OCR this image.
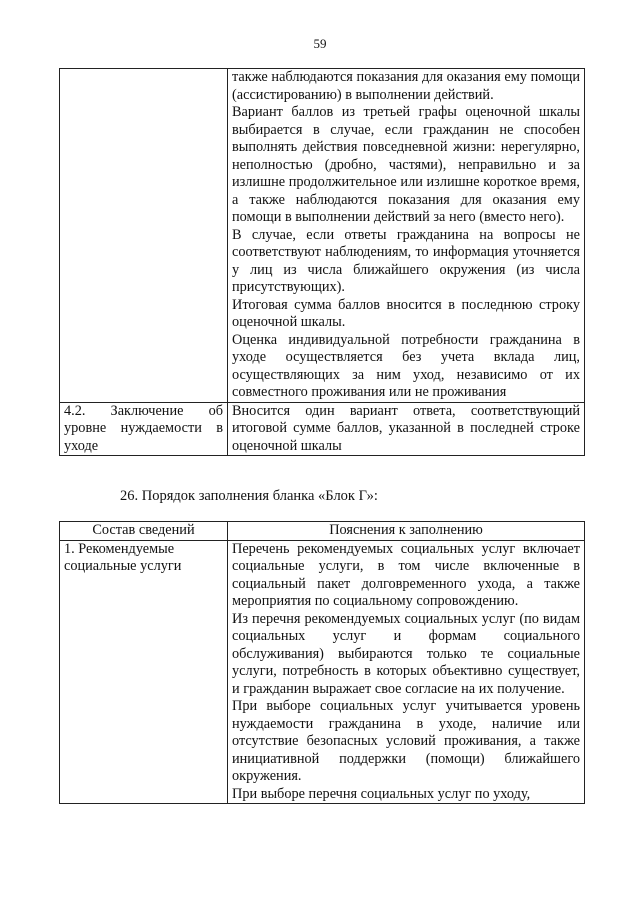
59

	также наблюдаются показания для оказания ему помощи (ассистированию) в выполнении действий.

Вариант баллов из третьей графы оценочной шкалы выбирается в случае, если гражданин не способен выполнять действия повседневной жизни: нерегулярно, неполностью (дробно, частями), неправильно и за излишне продолжительное или излишне короткое время, а также наблюдаются показания для оказания ему помощи в выполнении действий за него (вместо него).

В случае, если ответы гражданина на вопросы не соответствуют наблюдениям, то информация уточняется у лиц из числа ближайшего окружения (из числа присутствующих).

Итоговая сумма баллов вносится в последнюю строку оценочной шкалы.

Оценка индивидуальной потребности гражданина в уходе осуществляется без учета вклада лиц, осуществляющих за ним уход, независимо от их совместного проживания или не проживания

4.2. Заключение об уровне нуждаемости в уходе	Вносится один вариант ответа, соответствующий итоговой сумме баллов, указанной в последней строке оценочной шкалы

26. Порядок заполнения бланка «Блок Г»:
Состав сведений	Пояснения к заполнению
1. Рекомендуемые социальные услуги	Перечень рекомендуемых социальных услуг включает социальные услуги, в том числе включенные в социальный пакет долговременного ухода, а также мероприятия по социальному сопровождению.

Из перечня рекомендуемых социальных услуг (по видам социальных услуг и формам социального обслуживания) выбираются только те социальные услуги, потребность в которых объективно существует, и гражданин выражает свое согласие на их получение.

При выборе социальных услуг учитывается уровень нуждаемости гражданина в уходе, наличие или отсутствие безопасных условий проживания, а также инициативной поддержки (помощи) ближайшего окружения.

При выборе перечня социальных услуг по уходу,
